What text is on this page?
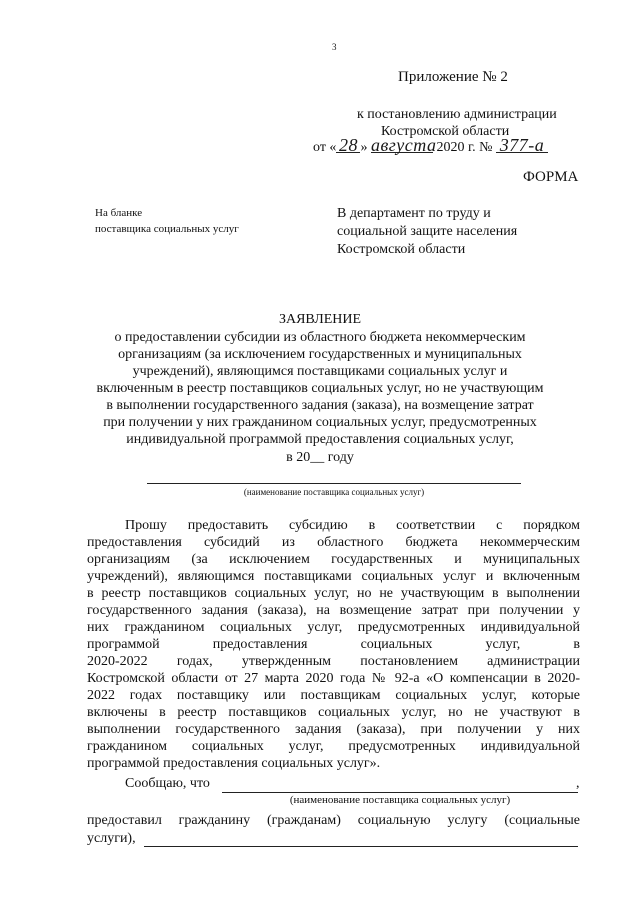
3
Приложение № 2
к постановлению администрации
Костромской области
от « 28 » августа 2020 г. № 377-а
ФОРМА
На бланке
поставщика социальных услуг
В департамент по труду и
социальной защите населения
Костромской области
ЗАЯВЛЕНИЕ
о предоставлении субсидии из областного бюджета некоммерческим
организациям (за исключением государственных и муниципальных
учреждений), являющимся поставщиками социальных услуг и
включенным в реестр поставщиков социальных услуг, но не участвующим
в выполнении государственного задания (заказа), на возмещение затрат
при получении у них гражданином социальных услуг, предусмотренных
индивидуальной программой предоставления социальных услуг,
в 20__ году
(наименование поставщика социальных услуг)
Прошу предоставить субсидию в соответствии с порядком
предоставления субсидий из областного бюджета некоммерческим
организациям (за исключением государственных и муниципальных
учреждений), являющимся поставщиками социальных услуг и включенным
в реестр поставщиков социальных услуг, но не участвующим в выполнении
государственного задания (заказа), на возмещение затрат при получении у
них гражданином социальных услуг, предусмотренных индивидуальной
программой предоставления социальных услуг, в
2020-2022 годах, утвержденным постановлением администрации
Костромской области от 27 марта 2020 года № 92-а «О компенсации в 2020-
2022 годах поставщику или поставщикам социальных услуг, которые
включены в реестр поставщиков социальных услуг, но не участвуют в
выполнении государственного задания (заказа), при получении у них
гражданином социальных услуг, предусмотренных индивидуальной
программой предоставления социальных услуг».
Сообщаю, что	,
(наименование поставщика социальных услуг)
предоставил гражданину (гражданам) социальную услугу (социальные
услуги),
